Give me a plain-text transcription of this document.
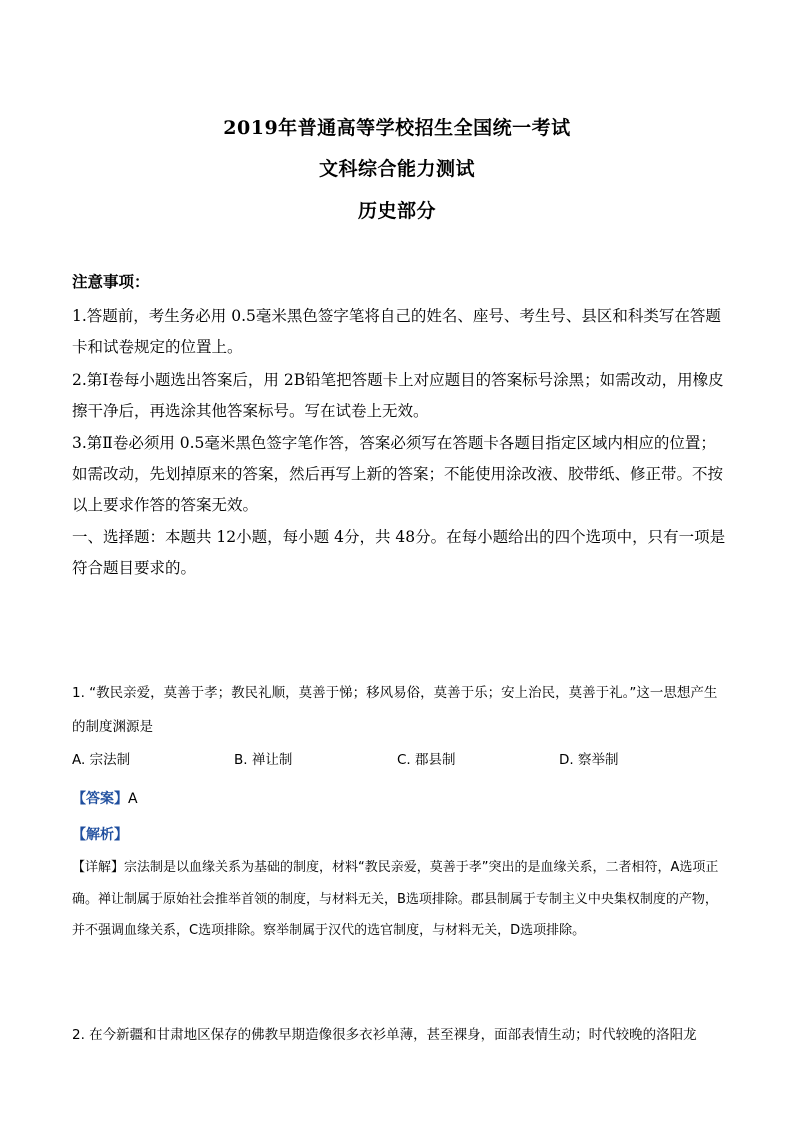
2019年普通高等学校招生全国统一考试
文科综合能力测试
历史部分
注意事项：

1.答题前，考生务必用 0.5毫米黑色签字笔将自己的姓名、座号、考生号、县区和科类写在答题卡和试卷规定的位置上。

2.第Ⅰ卷每小题选出答案后，用 2B铅笔把答题卡上对应题目的答案标号涂黑；如需改动，用橡皮擦干净后，再选涂其他答案标号。写在试卷上无效。

3.第Ⅱ卷必须用 0.5毫米黑色签字笔作答，答案必须写在答题卡各题目指定区域内相应的位置；如需改动，先划掉原来的答案，然后再写上新的答案；不能使用涂改液、胶带纸、修正带。不按以上要求作答的答案无效。

一、选择题：本题共 12小题，每小题 4分，共 48分。在每小题给出的四个选项中，只有一项是符合题目要求的。

1. “教民亲爱，莫善于孝；教民礼顺，莫善于悌；移风易俗，莫善于乐；安上治民，莫善于礼。”这一思想产生的制度渊源是
A. 宗法制	B. 禅让制	C. 郡县制	D. 察举制
【答案】A
【解析】

【详解】宗法制是以血缘关系为基础的制度，材料“教民亲爱，莫善于孝”突出的是血缘关系，二者相符，A选项正确。禅让制属于原始社会推举首领的制度，与材料无关，B选项排除。郡县制属于专制主义中央集权制度的产物，并不强调血缘关系，C选项排除。察举制属于汉代的选官制度，与材料无关，D选项排除。

2. 在今新疆和甘肃地区保存的佛教早期造像很多衣衫单薄，甚至裸身，面部表情生动；时代较晚的洛阳龙
